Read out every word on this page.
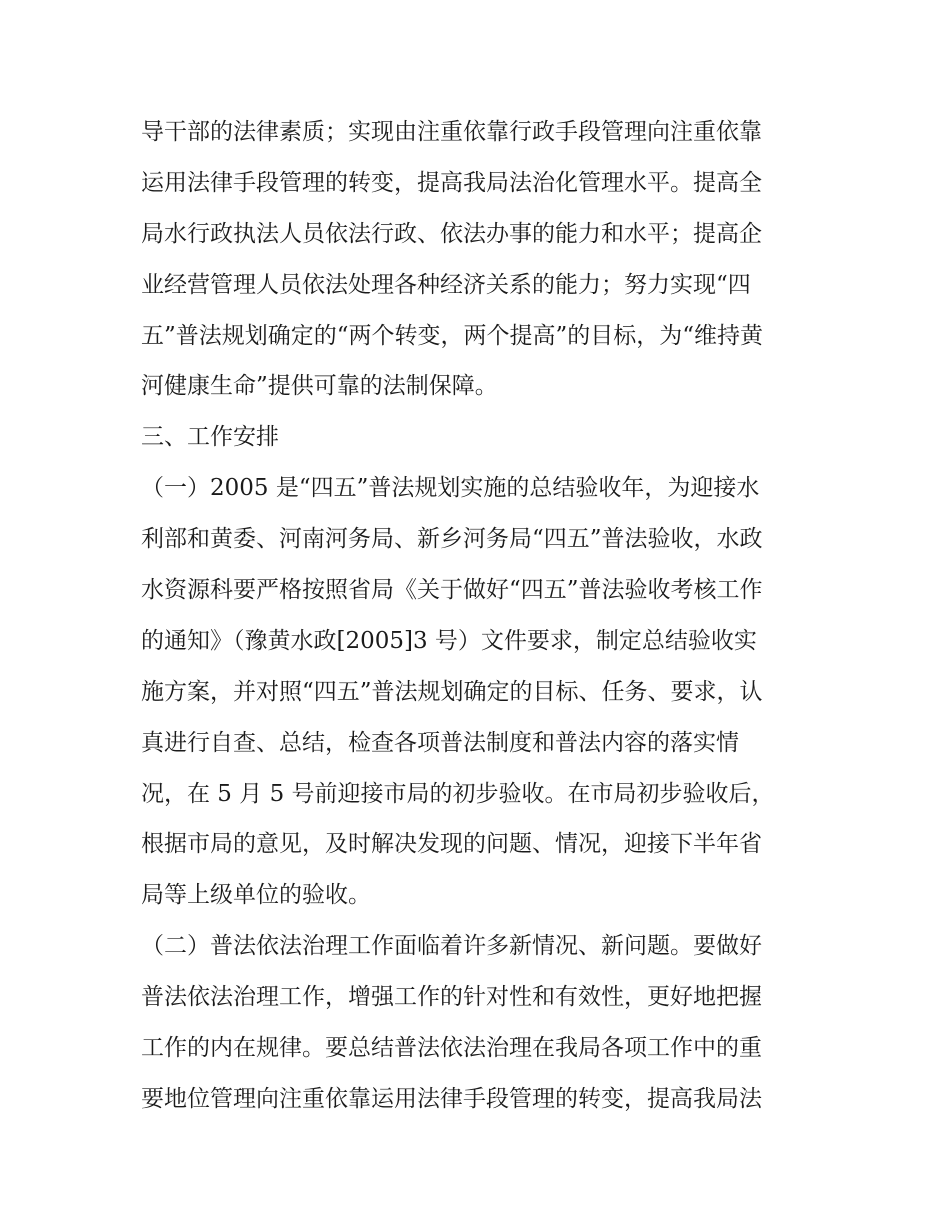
导干部的法律素质；实现由注重依靠行政手段管理向注重依靠
运用法律手段管理的转变，提高我局法治化管理水平。提高全
局水行政执法人员依法行政、依法办事的能力和水平；提高企
业经营管理人员依法处理各种经济关系的能力；努力实现“四
五”普法规划确定的“两个转变，两个提高”的目标，为“维持黄
河健康生命”提供可靠的法制保障。
三、工作安排
（一）2005 是“四五”普法规划实施的总结验收年，为迎接水
利部和黄委、河南河务局、新乡河务局“四五”普法验收，水政
水资源科要严格按照省局《关于做好“四五”普法验收考核工作
的通知》（豫黄水政[2005]3 号）文件要求，制定总结验收实
施方案，并对照“四五”普法规划确定的目标、任务、要求，认
真进行自查、总结，检查各项普法制度和普法内容的落实情
况，在 5 月 5 号前迎接市局的初步验收。在市局初步验收后，
根据市局的意见，及时解决发现的问题、情况，迎接下半年省
局等上级单位的验收。
（二）普法依法治理工作面临着许多新情况、新问题。要做好
普法依法治理工作，增强工作的针对性和有效性，更好地把握
工作的内在规律。要总结普法依法治理在我局各项工作中的重
要地位管理向注重依靠运用法律手段管理的转变，提高我局法
